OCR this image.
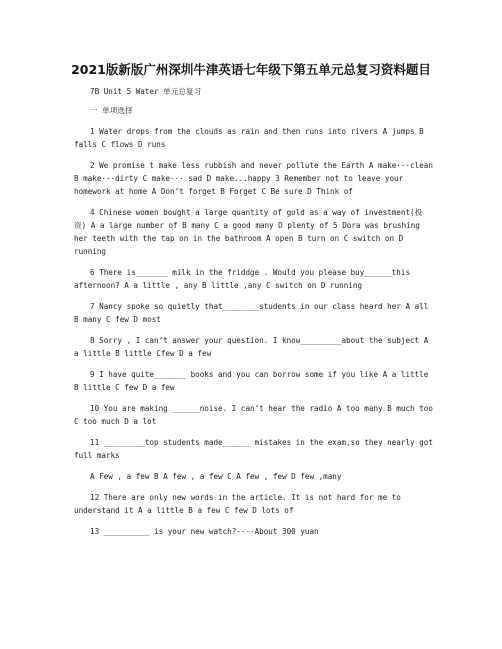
2021版新版广州深圳牛津英语七年级下第五单元总复习资料题目

7B Unit 5 Water 单元总复习

一 单项选择

1 Water drops from the clouds as rain and then runs into rivers A jumps B falls C flows D runs

2 We promise t make less rubbish and never pollute the Earth A make···clean B make···dirty C make··· sad D make...happy 3 Remember not to leave your homework at home A Don’t forget B Forget C Be sure D Think of

4 Chinese women bought a large quantity of gold as a way of investment(投资) A a large number of B many C a good many D plenty of 5 Dora was brushing her teeth with the tap on in the bathroom A open B turn on C switch on D running

6 There is_______ milk in the friddge . Would you please buy______this afternoon? A a little , any B little ,any C switch on D running

7 Nancy spoke so quietly that________students in our class heard her A all B many C few D most

8 Sorry , I can’t answer your question. I know_________about the subject A a little B little Cfew D a few

9 I have quite_______ books and you can borrow some if you like A a little B little C few D a few

10 You are making ______noise. I can’t hear the radio A too many B much too C too much D a lot

11 _________top students made______ mistakes in the exam,so they nearly got full marks

A Few , a few B A few , a few C A few , few D few ,many

12 There are only new words in the article. It is not hard for me to understand it A a little B a few C few D lots of

13 __________ is your new watch?----About 300 yuan
